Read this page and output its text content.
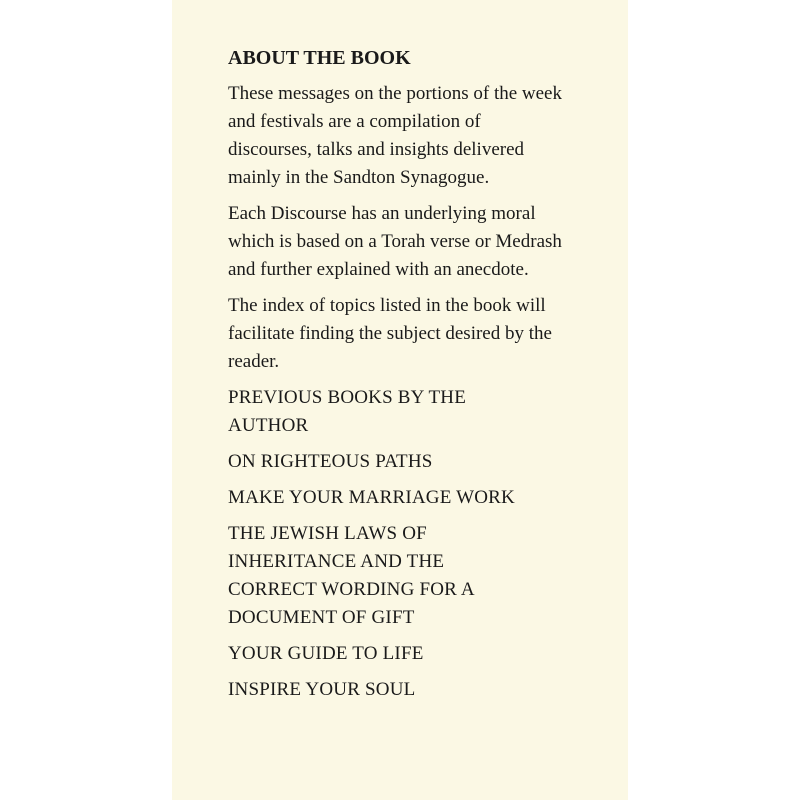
ABOUT THE BOOK
These messages on the portions of the week and festivals are a compilation of discourses, talks and insights delivered mainly in the Sandton Synagogue.
Each Discourse has an underlying moral which is based on a Torah verse or Medrash and further explained with an anecdote.
The index of topics listed in the book will facilitate finding the subject desired by the reader.
PREVIOUS BOOKS BY THE AUTHOR
ON RIGHTEOUS PATHS
MAKE YOUR MARRIAGE WORK
THE JEWISH LAWS OF INHERITANCE AND THE CORRECT WORDING FOR A DOCUMENT OF GIFT
YOUR GUIDE TO LIFE
INSPIRE YOUR SOUL
